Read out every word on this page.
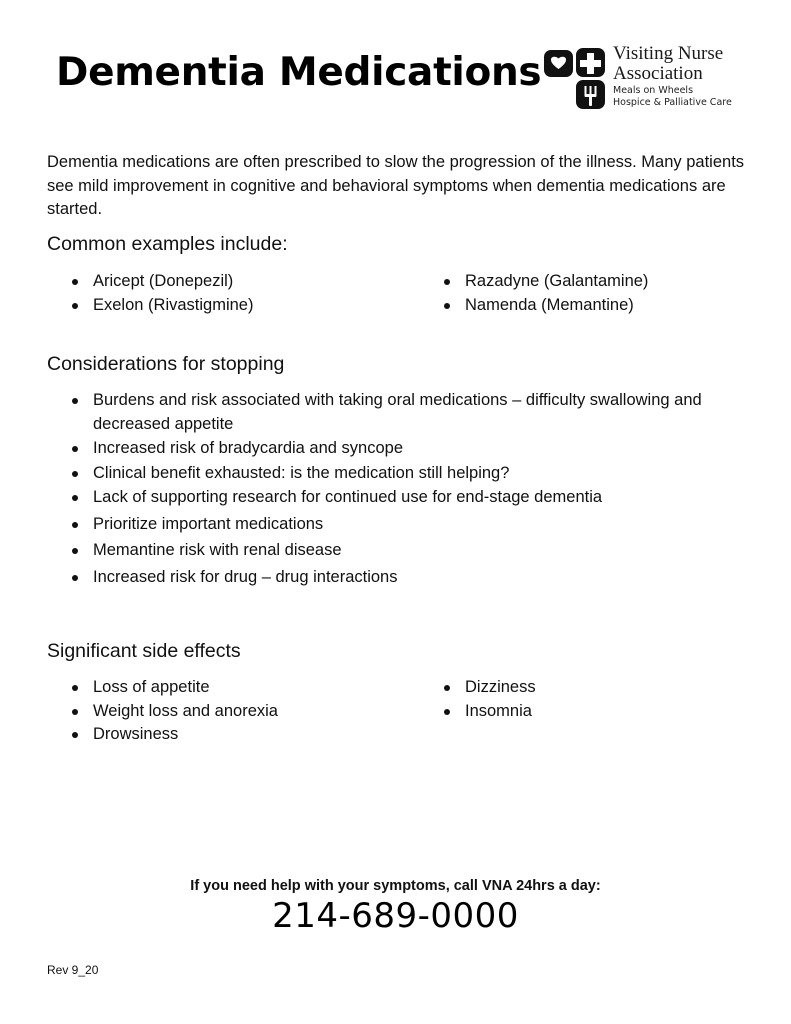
Dementia Medications	Visiting Nurse
Association
Meals on Wheels
Hospice & Palliative Care

Dementia medications are often prescribed to slow the progression of the illness. Many patients see mild improvement in cognitive and behavioral symptoms when dementia medications are started.

Common examples include:
Aricept (Donepezil)
Exelon (Rivastigmine)
Razadyne (Galantamine)
Namenda (Memantine)
Considerations for stopping
Burdens and risk associated with taking oral medications – difficulty swallowing and decreased appetite
Increased risk of bradycardia and syncope
Clinical benefit exhausted: is the medication still helping?
Lack of supporting research for continued use for end-stage dementia
Prioritize important medications
Memantine risk with renal disease
Increased risk for drug – drug interactions
Significant side effects
Loss of appetite
Weight loss and anorexia
Drowsiness
Dizziness
Insomnia
If you need help with your symptoms, call VNA 24hrs a day:
214-689-0000
Rev 9_20
